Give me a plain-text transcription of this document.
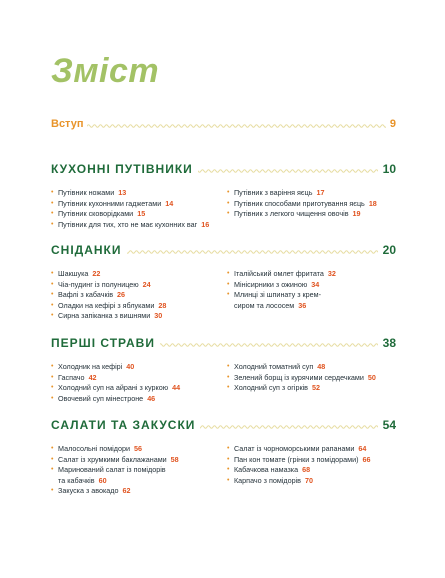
Зміст
Вступ	9
КУХОННІ ПУТІВНИКИ	10
• Путівник ножами 13
• Путівник кухонними гаджетами 14
• Путівник сковорідками 15
• Путівник для тих, хто не має кухонних ваг 16
• Путівник з варіння яєць 17
• Путівник способами приготування яєць 18
• Путівник з легкого чищення овочів 19
СНІДАНКИ	20
• Шакшука 22
• Чіа-пудинг із полуницею 24
• Вафлі з кабачків 26
• Оладки на кефірі з яблуками 28
• Сирна запіканка з вишнями 30
• Італійський омлет фритата 32
• Мінісирники з ожиною 34
• Млинці зі шпинату з крем-
сиром та лососем 36
ПЕРШІ СТРАВИ	38
• Холодник на кефірі 40
• Гаспачо 42
• Холодний суп на айрані з куркою 44
• Овочевий суп мінестроне 46
• Холодний томатний суп 48
• Зелений борщ із курячими сердечками 50
• Холодний суп з огірків 52
САЛАТИ ТА ЗАКУСКИ	54
• Малосольні помідори 56
• Салат із хрумкими баклажанами 58
• Маринований салат із помідорів
та кабачків 60
• Закуска з авокадо 62
• Салат із чорноморськими рапанами 64
• Пан кон томате (грінки з помідорами) 66
• Кабачкова намазка 68
• Карпачо з помідорів 70
